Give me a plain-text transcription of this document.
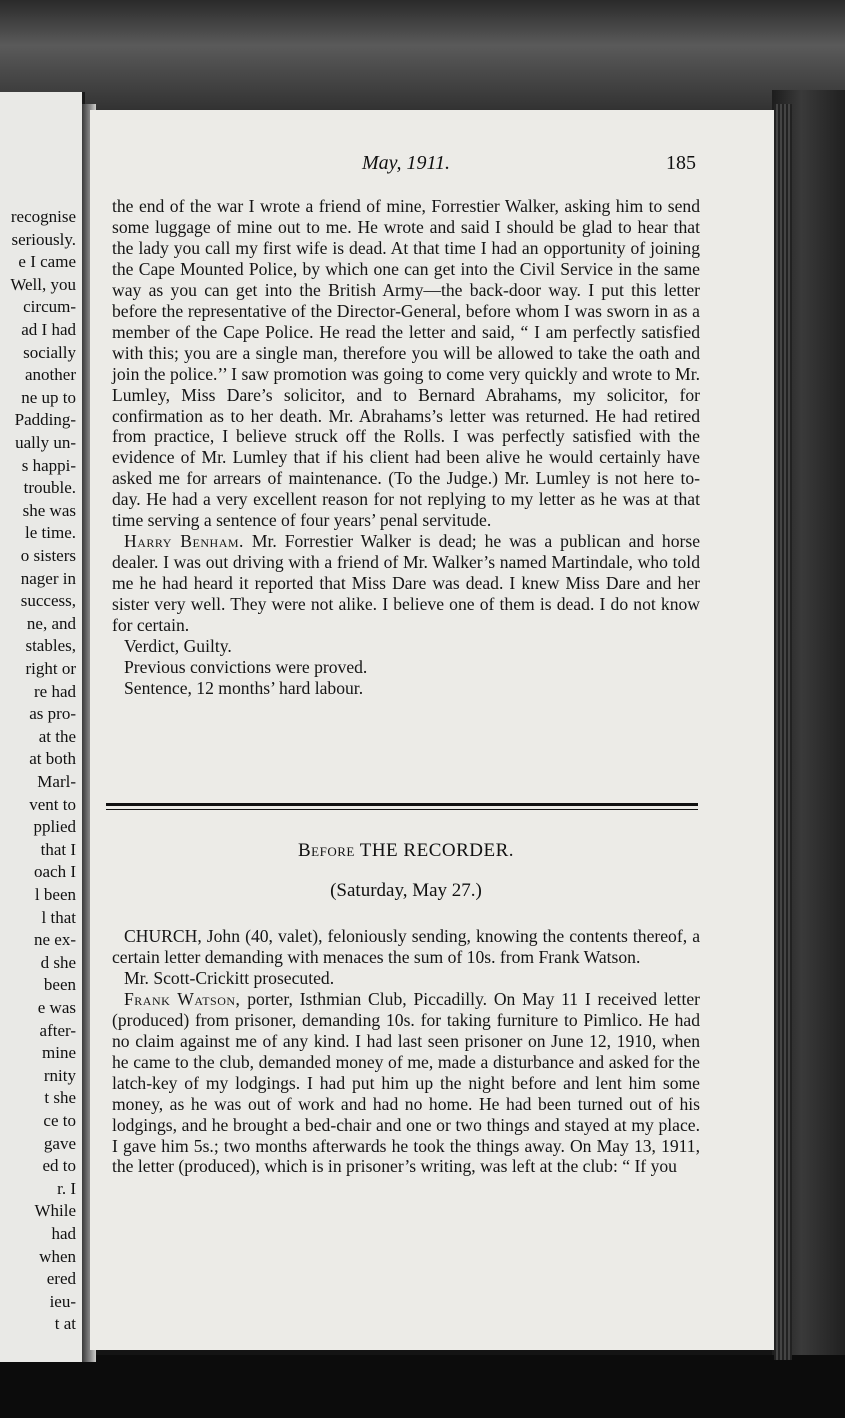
recognise
seriously.
e I came
Well, you
circum-
ad I had
socially
another
ne up to
Padding-
ually un-
s happi-
trouble.
she was
le time.
o sisters
nager in
success,
ne, and
stables,
right or
re had
as pro-
at the
at both
Marl-
vent to
pplied
that I
oach I
l been
l that
ne ex-
d she
been
e was
after-
mine
rnity
t she
ce to
gave
ed to
r. I
While
had
when
ered
ieu-
t at
May, 1911.	185

the end of the war I wrote a friend of mine, Forrestier Walker, asking him to send some luggage of mine out to me. He wrote and said I should be glad to hear that the lady you call my first wife is dead. At that time I had an opportunity of joining the Cape Mounted Police, by which one can get into the Civil Service in the same way as you can get into the British Army—the back-door way. I put this letter before the representative of the Director-General, before whom I was sworn in as a member of the Cape Police. He read the letter and said, “ I am perfectly satisfied with this; you are a single man, therefore you will be allowed to take the oath and join the police.’’ I saw promotion was going to come very quickly and wrote to Mr. Lumley, Miss Dare’s solicitor, and to Bernard Abrahams, my solicitor, for confirmation as to her death. Mr. Abrahams’s letter was returned. He had retired from practice, I believe struck off the Rolls. I was perfectly satisfied with the evidence of Mr. Lumley that if his client had been alive he would certainly have asked me for arrears of maintenance. (To the Judge.) Mr. Lumley is not here to-day. He had a very excellent reason for not replying to my letter as he was at that time serving a sentence of four years’ penal servitude.

Harry Benham. Mr. Forrestier Walker is dead; he was a publican and horse dealer. I was out driving with a friend of Mr. Walker’s named Martindale, who told me he had heard it reported that Miss Dare was dead. I knew Miss Dare and her sister very well. They were not alike. I believe one of them is dead. I do not know for certain.

Verdict, Guilty.

Previous convictions were proved.

Sentence, 12 months’ hard labour.

Before THE RECORDER.
(Saturday, May 27.)

CHURCH, John (40, valet), feloniously sending, knowing the contents thereof, a certain letter demanding with menaces the sum of 10s. from Frank Watson.

Mr. Scott-Crickitt prosecuted.

Frank Watson, porter, Isthmian Club, Piccadilly. On May 11 I received letter (produced) from prisoner, demanding 10s. for taking furniture to Pimlico. He had no claim against me of any kind. I had last seen prisoner on June 12, 1910, when he came to the club, demanded money of me, made a disturbance and asked for the latch-key of my lodgings. I had put him up the night before and lent him some money, as he was out of work and had no home. He had been turned out of his lodgings, and he brought a bed-chair and one or two things and stayed at my place. I gave him 5s.; two months afterwards he took the things away. On May 13, 1911, the letter (produced), which is in prisoner’s writing, was left at the club: “ If you
